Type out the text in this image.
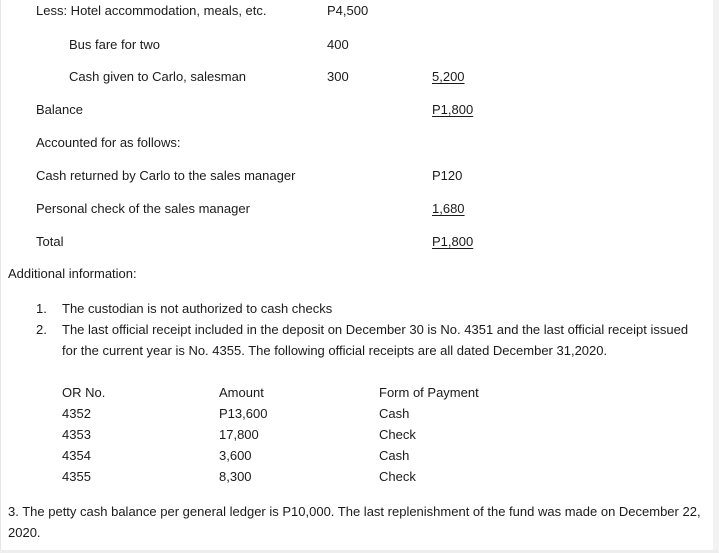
Less: Hotel accommodation, meals, etc.	P4,500
Bus fare for two	400
Cash given to Carlo, salesman	300	5,200
Balance	P1,800
Accounted for as follows:
Cash returned by Carlo to the sales manager	P120
Personal check of the sales manager	1,680
Total	P1,800
Additional information:
1. The custodian is not authorized to cash checks
2. The last official receipt included in the deposit on December 30 is No. 4351 and the last official receipt issued for the current year is No. 4355. The following official receipts are all dated December 31,2020.
OR No.	Amount	Form of Payment
4352	P13,600	Cash
4353	17,800	Check
4354	3,600	Cash
4355	8,300	Check
3. The petty cash balance per general ledger is P10,000. The last replenishment of the fund was made on December 22, 2020.
